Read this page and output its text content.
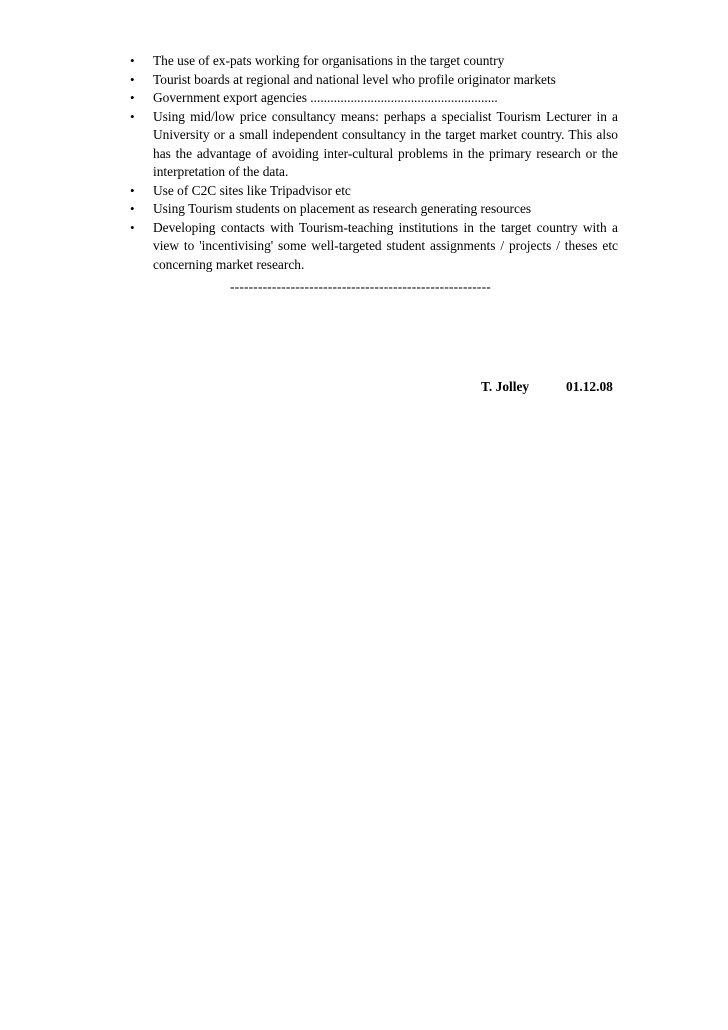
• The use of ex-pats working for organisations in the target country
• Tourist boards at regional and national level who profile originator markets
• Government export agencies ........................................................
• Using mid/low price consultancy means: perhaps a specialist Tourism Lecturer in a University or a small independent consultancy in the target market country. This also has the advantage of avoiding inter-cultural problems in the primary research or the interpretation of the data.
• Use of C2C sites like Tripadvisor etc
• Using Tourism students on placement as research generating resources
• Developing contacts with Tourism-teaching institutions in the target country with a view to 'incentivising' some well-targeted student assignments / projects / theses etc concerning market research.
--------------------------------------------------------
T. Jolley	01.12.08
